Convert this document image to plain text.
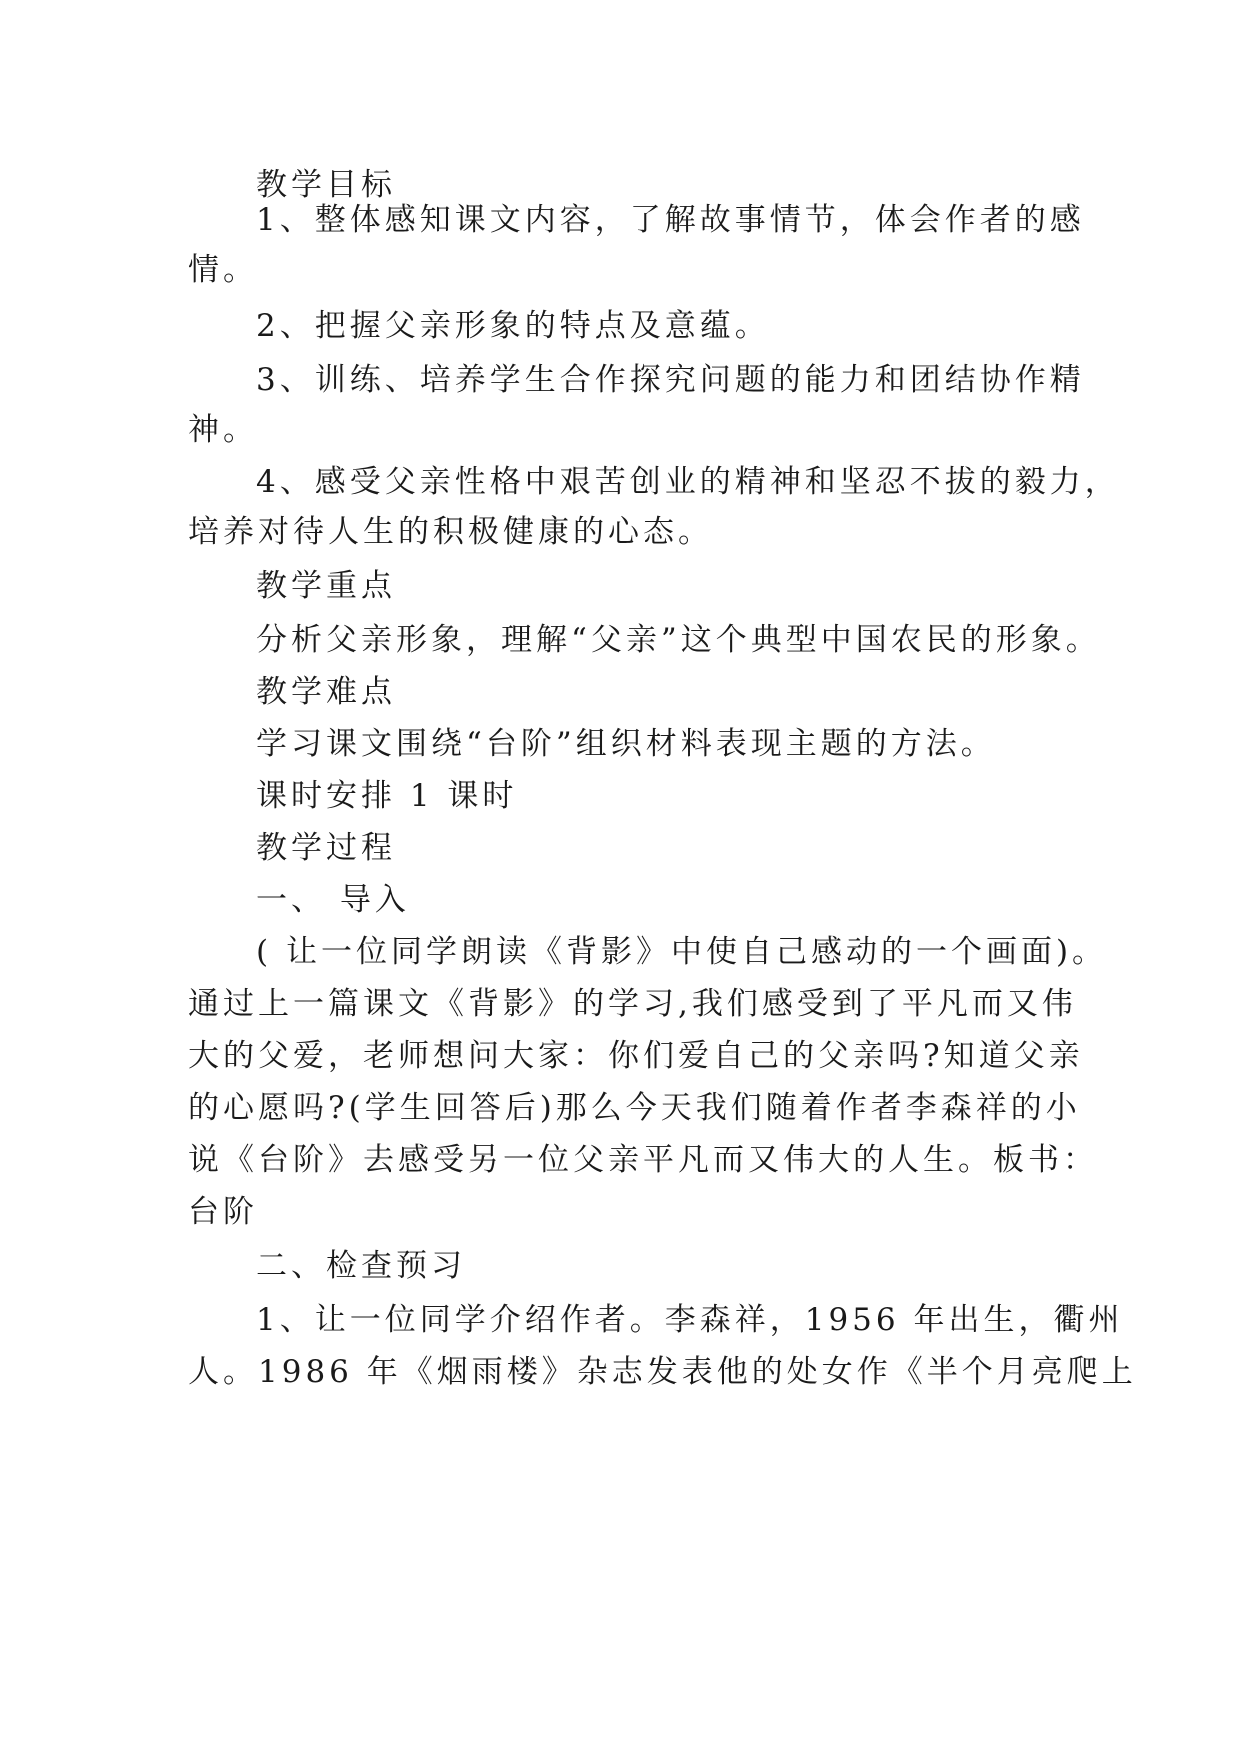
教学目标
1、整体感知课文内容，了解故事情节，体会作者的感
情。
2、把握父亲形象的特点及意蕴。
3、训练、培养学生合作探究问题的能力和团结协作精
神。
4、感受父亲性格中艰苦创业的精神和坚忍不拔的毅力，
培养对待人生的积极健康的心态。
教学重点
分析父亲形象，理解“父亲”这个典型中国农民的形象。
教学难点
学习课文围绕“台阶”组织材料表现主题的方法。
课时安排 1 课时
教学过程
一、 导入
( 让一位同学朗读《背影》中使自己感动的一个画面)。
通过上一篇课文《背影》的学习,我们感受到了平凡而又伟
大的父爱，老师想问大家：你们爱自己的父亲吗?知道父亲
的心愿吗?(学生回答后)那么今天我们随着作者李森祥的小
说《台阶》去感受另一位父亲平凡而又伟大的人生。板书：
台阶
二、检查预习
1、让一位同学介绍作者。李森祥，1956 年出生，衢州
人。1986 年《烟雨楼》杂志发表他的处女作《半个月亮爬上
